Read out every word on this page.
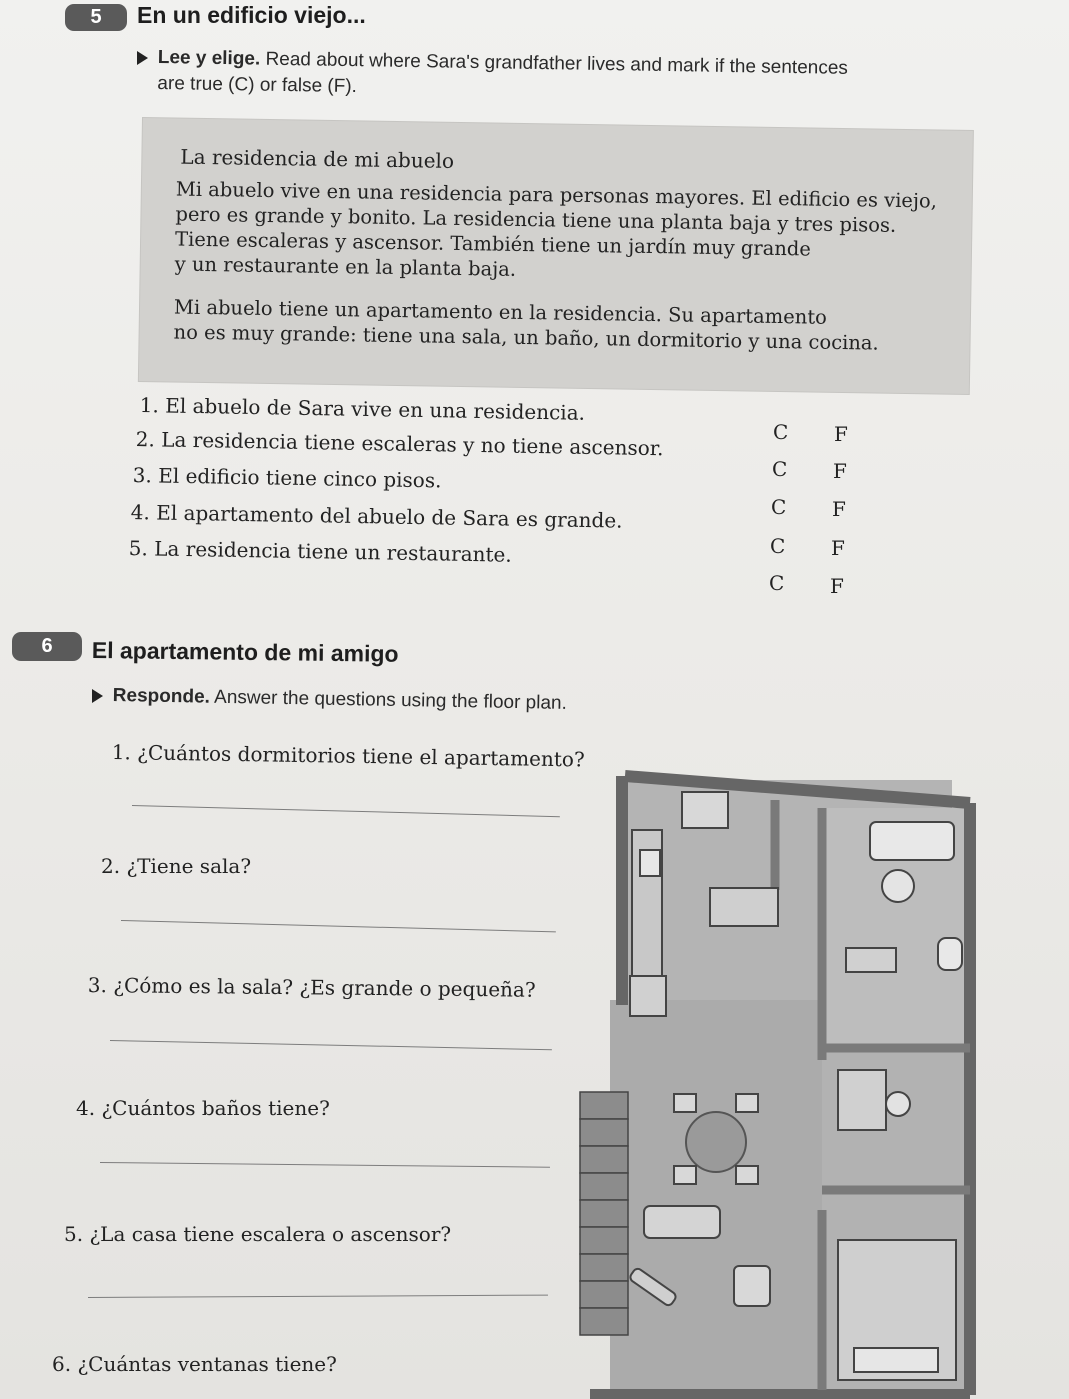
5	En un edificio viejo...
Lee y elige. Read about where Sara's grandfather lives and mark if the sentences
are true (C) or false (F).
La residencia de mi abuelo
Mi abuelo vive en una residencia para personas mayores. El edificio es viejo,
pero es grande y bonito. La residencia tiene una planta baja y tres pisos.
Tiene escaleras y ascensor. También tiene un jardín muy grande
y un restaurante en la planta baja.
Mi abuelo tiene un apartamento en la residencia. Su apartamento
no es muy grande: tiene una sala, un baño, un dormitorio y una cocina.
1. El abuelo de Sara vive en una residencia.
2. La residencia tiene escaleras y no tiene ascensor.
3. El edificio tiene cinco pisos.
4. El apartamento del abuelo de Sara es grande.
5. La residencia tiene un restaurante.
C F
C F
C F
C F
C F
6	El apartamento de mi amigo
Responde. Answer the questions using the floor plan.
1. ¿Cuántos dormitorios tiene el apartamento?
2. ¿Tiene sala?
3. ¿Cómo es la sala? ¿Es grande o pequeña?
4. ¿Cuántos baños tiene?
5. ¿La casa tiene escalera o ascensor?
6. ¿Cuántas ventanas tiene?
